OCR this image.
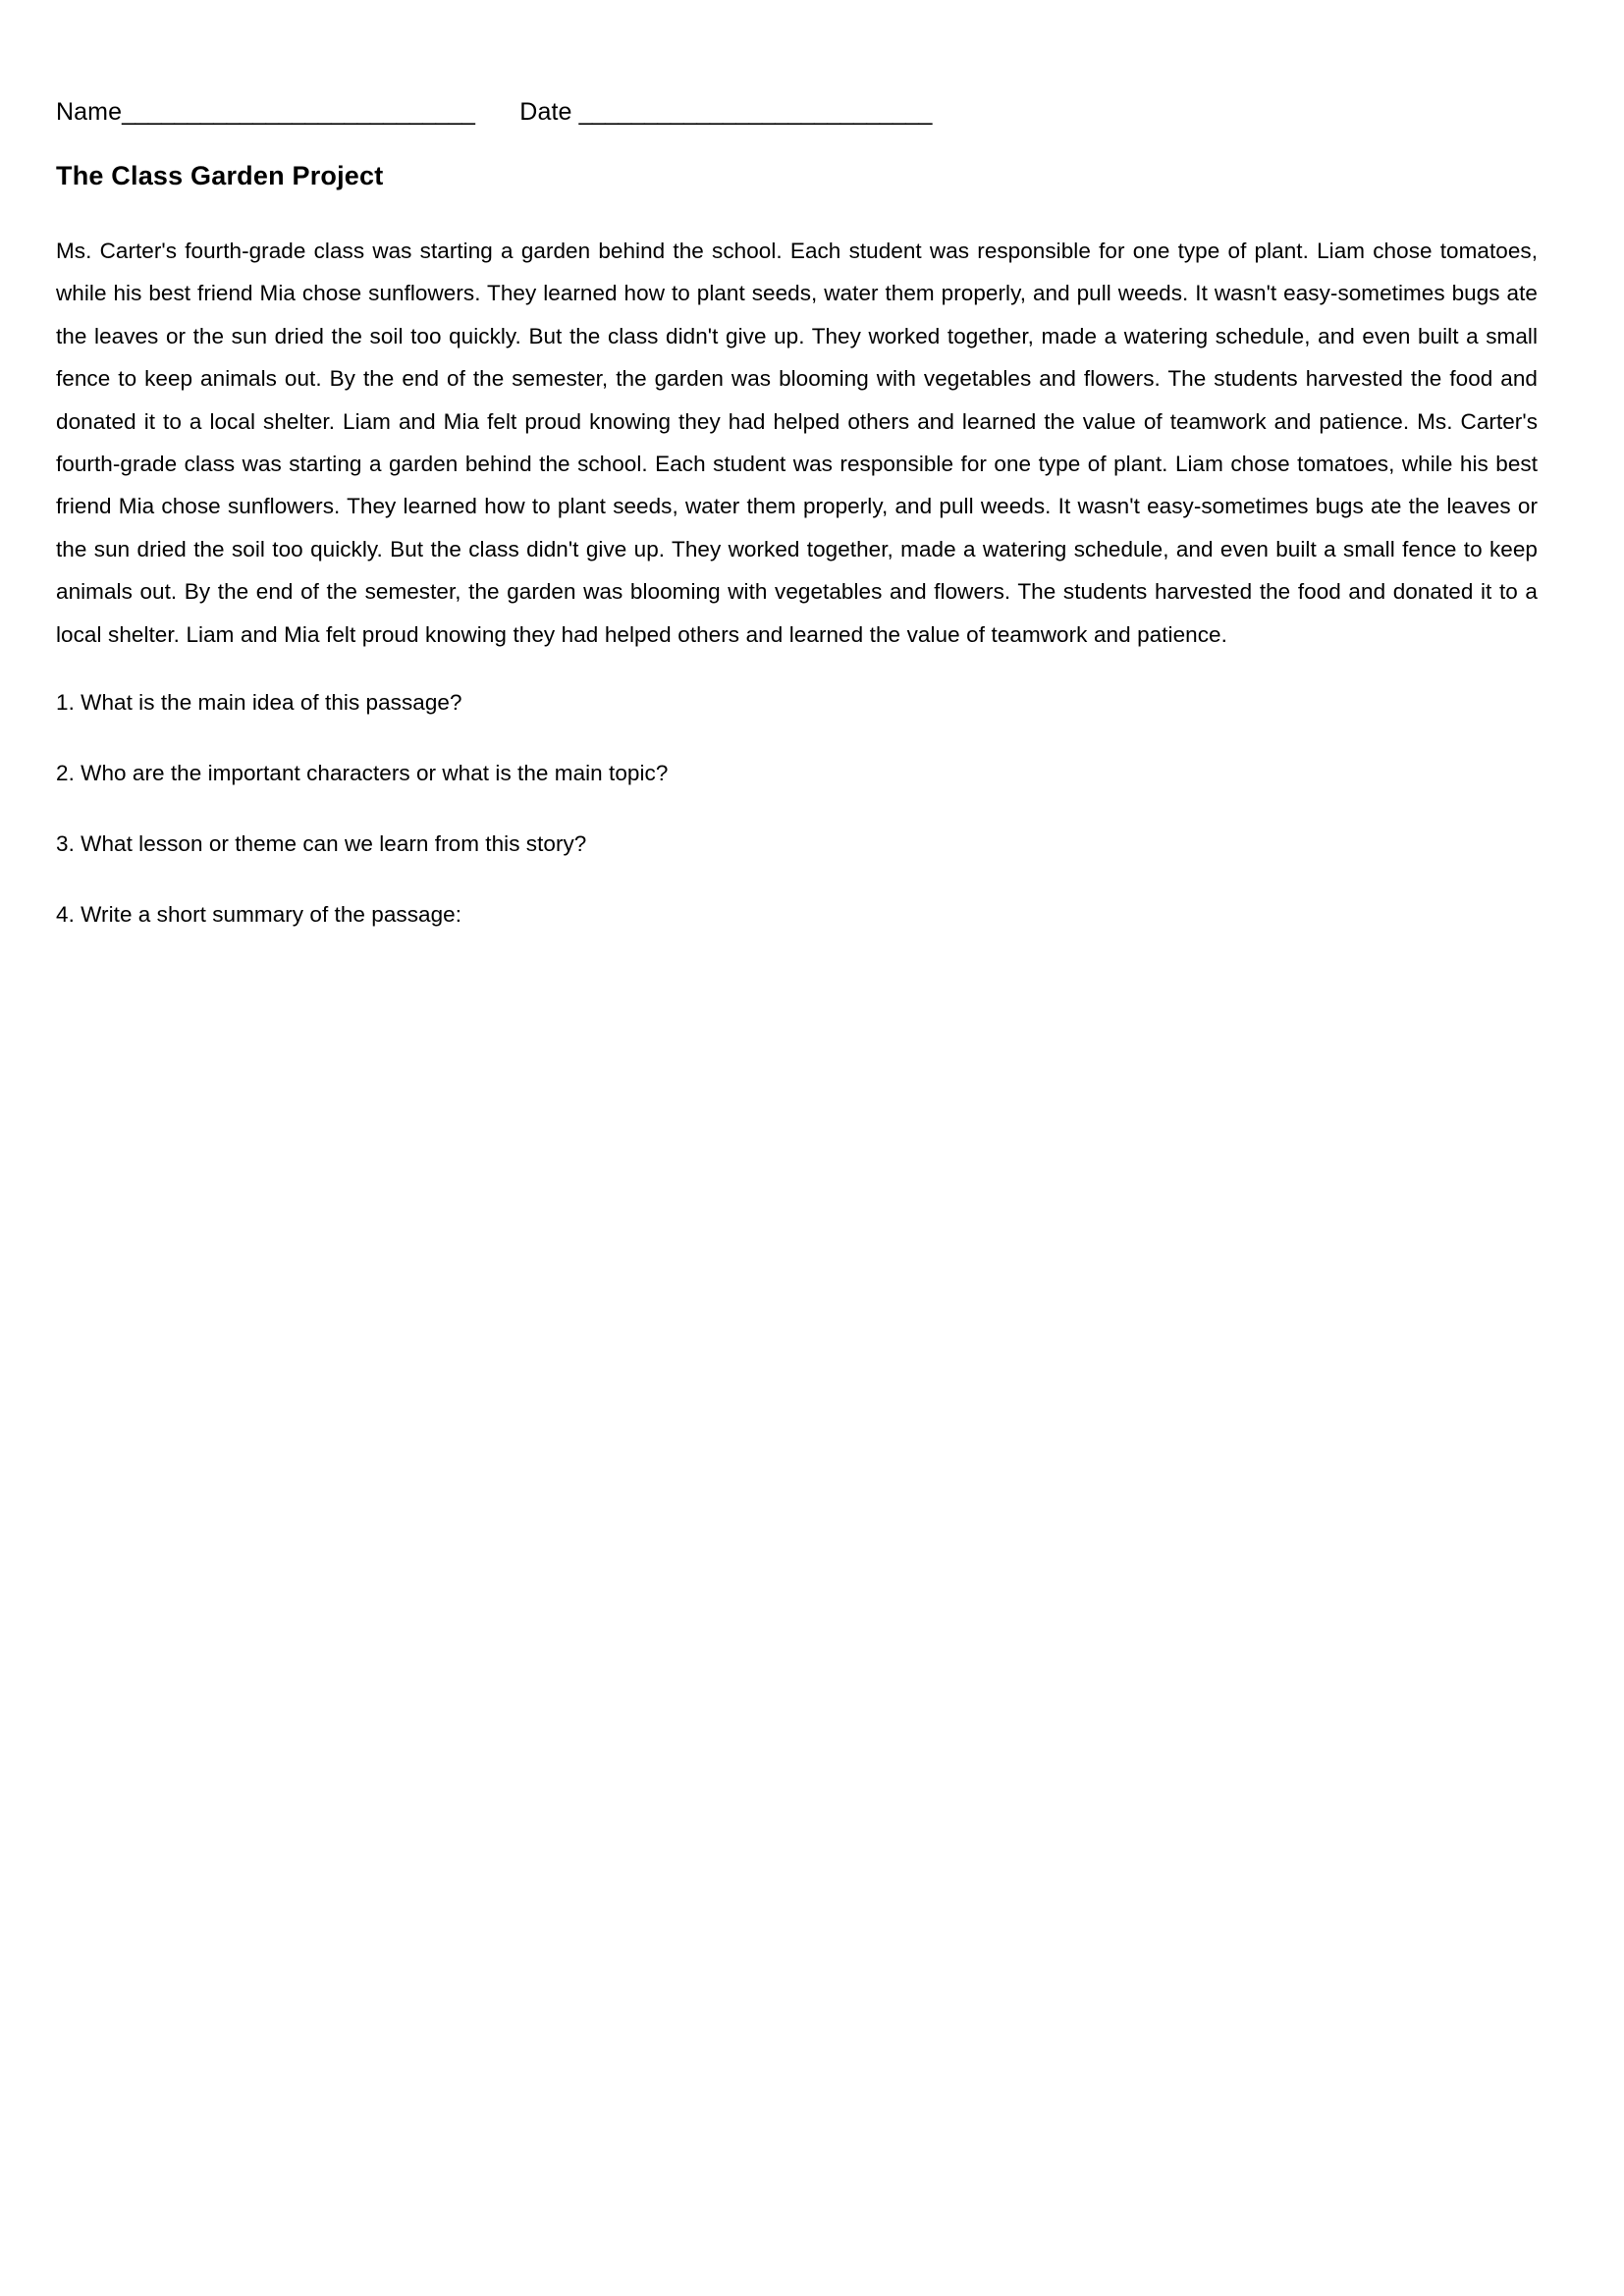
Name___________________________ Date ___________________________
The Class Garden Project

Ms. Carter's fourth-grade class was starting a garden behind the school. Each student was responsible for one type of plant. Liam chose tomatoes, while his best friend Mia chose sunflowers. They learned how to plant seeds, water them properly, and pull weeds. It wasn't easy-sometimes bugs ate the leaves or the sun dried the soil too quickly. But the class didn't give up. They worked together, made a watering schedule, and even built a small fence to keep animals out. By the end of the semester, the garden was blooming with vegetables and flowers. The students harvested the food and donated it to a local shelter. Liam and Mia felt proud knowing they had helped others and learned the value of teamwork and patience. Ms. Carter's fourth-grade class was starting a garden behind the school. Each student was responsible for one type of plant. Liam chose tomatoes, while his best friend Mia chose sunflowers. They learned how to plant seeds, water them properly, and pull weeds. It wasn't easy-sometimes bugs ate the leaves or the sun dried the soil too quickly. But the class didn't give up. They worked together, made a watering schedule, and even built a small fence to keep animals out. By the end of the semester, the garden was blooming with vegetables and flowers. The students harvested the food and donated it to a local shelter. Liam and Mia felt proud knowing they had helped others and learned the value of teamwork and patience.

1. What is the main idea of this passage?
2. Who are the important characters or what is the main topic?
3. What lesson or theme can we learn from this story?
4. Write a short summary of the passage:
